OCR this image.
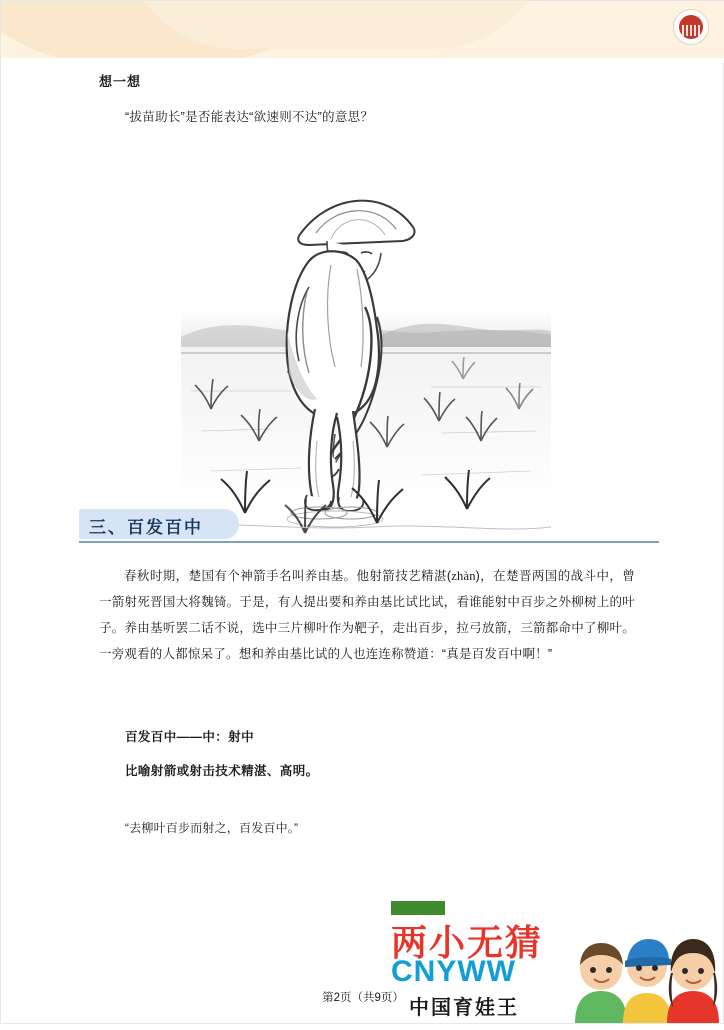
想一想
“拔苗助长”是否能表达“欲速则不达”的意思？
三、百发百中
春秋时期，楚国有个神箭手名叫养由基。他射箭技艺精湛(zhàn)，在楚晋两国的战斗中，曾一箭射死晋国大将魏锜。于是，有人提出要和养由基比试比试，看谁能射中百步之外柳树上的叶子。养由基听罢二话不说，选中三片柳叶作为靶子，走出百步，拉弓放箭，三箭都命中了柳叶。一旁观看的人都惊呆了。想和养由基比试的人也连连称赞道：“真是百发百中啊！”
百发百中——中：射中
比喻射箭或射击技术精湛、高明。
“去柳叶百步而射之，百发百中。”
两小无猜
CNYWW
中国育娃王
第2页（共9页）
